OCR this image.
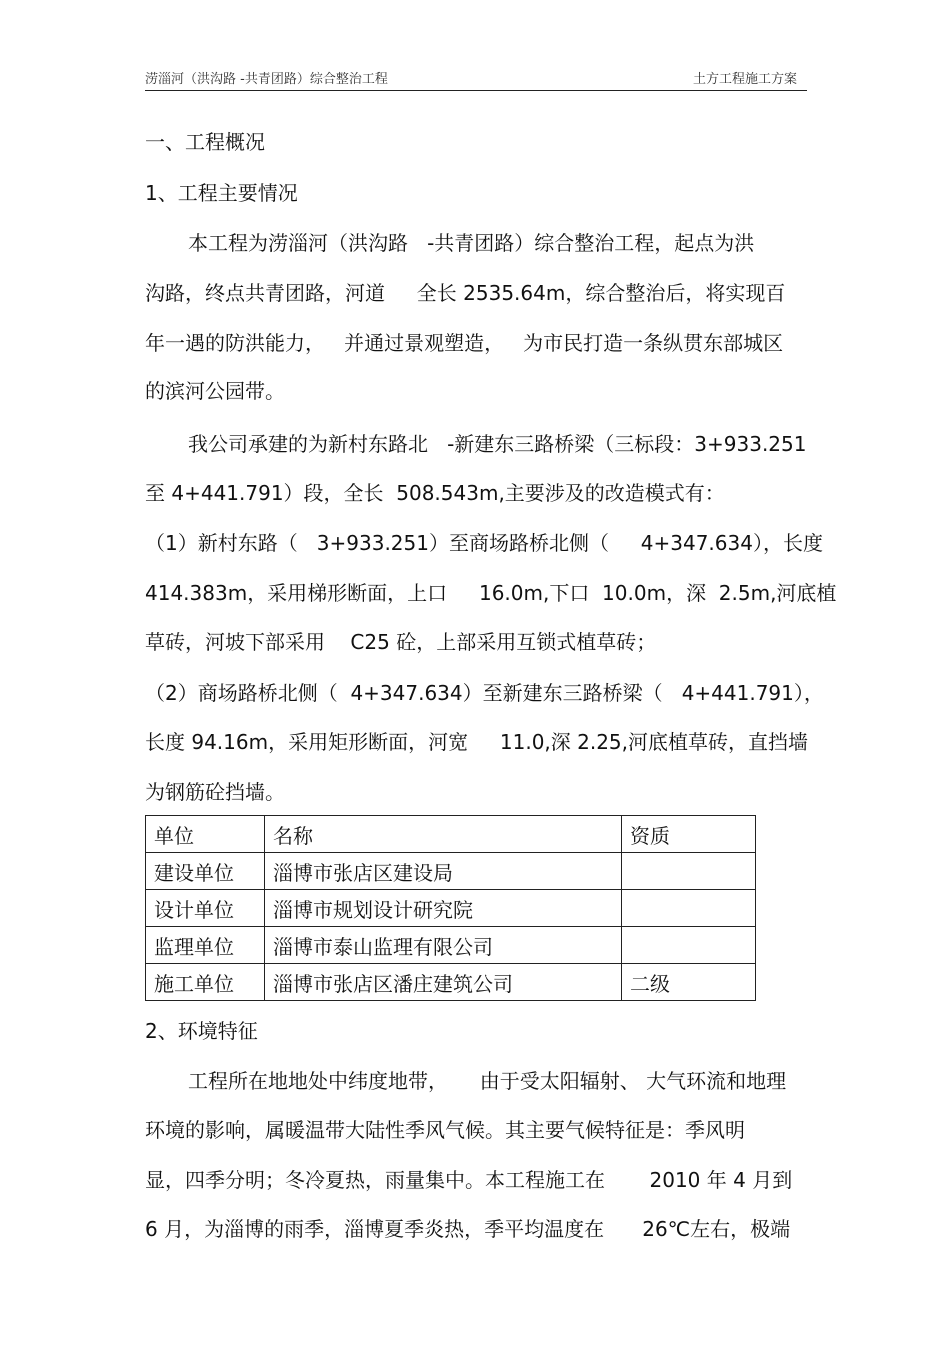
涝淄河（洪沟路 -共青团路）综合整治工程	土方工程施工方案
一、工程概况
1、工程主要情况
本工程为涝淄河（洪沟路   -共青团路）综合整治工程，起点为洪
沟路，终点共青团路，河道     全长 2535.64m，综合整治后，将实现百
年一遇的防洪能力，   并通过景观塑造，   为市民打造一条纵贯东部城区
的滨河公园带。
我公司承建的为新村东路北   -新建东三路桥梁（三标段：3+933.251
至 4+441.791）段，全长  508.543m,主要涉及的改造模式有：
（1）新村东路（   3+933.251）至商场路桥北侧（     4+347.634），长度
414.383m，采用梯形断面，上口     16.0m,下口  10.0m，深  2.5m,河底植
草砖，河坡下部采用    C25 砼，上部采用互锁式植草砖；
（2）商场路桥北侧（  4+347.634）至新建东三路桥梁（   4+441.791），
长度 94.16m，采用矩形断面，河宽     11.0,深 2.25,河底植草砖，直挡墙
为钢筋砼挡墙。
单位	名称	资质
建设单位	淄博市张店区建设局	
设计单位	淄博市规划设计研究院	
监理单位	淄博市泰山监理有限公司	
施工单位	淄博市张店区潘庄建筑公司	二级
2、环境特征
工程所在地地处中纬度地带，     由于受太阳辐射、 大气环流和地理
环境的影响，属暖温带大陆性季风气候。其主要气候特征是：季风明
显，四季分明；冬冷夏热，雨量集中。本工程施工在       2010 年 4 月到
6 月，为淄博的雨季，淄博夏季炎热，季平均温度在      26℃左右，极端
